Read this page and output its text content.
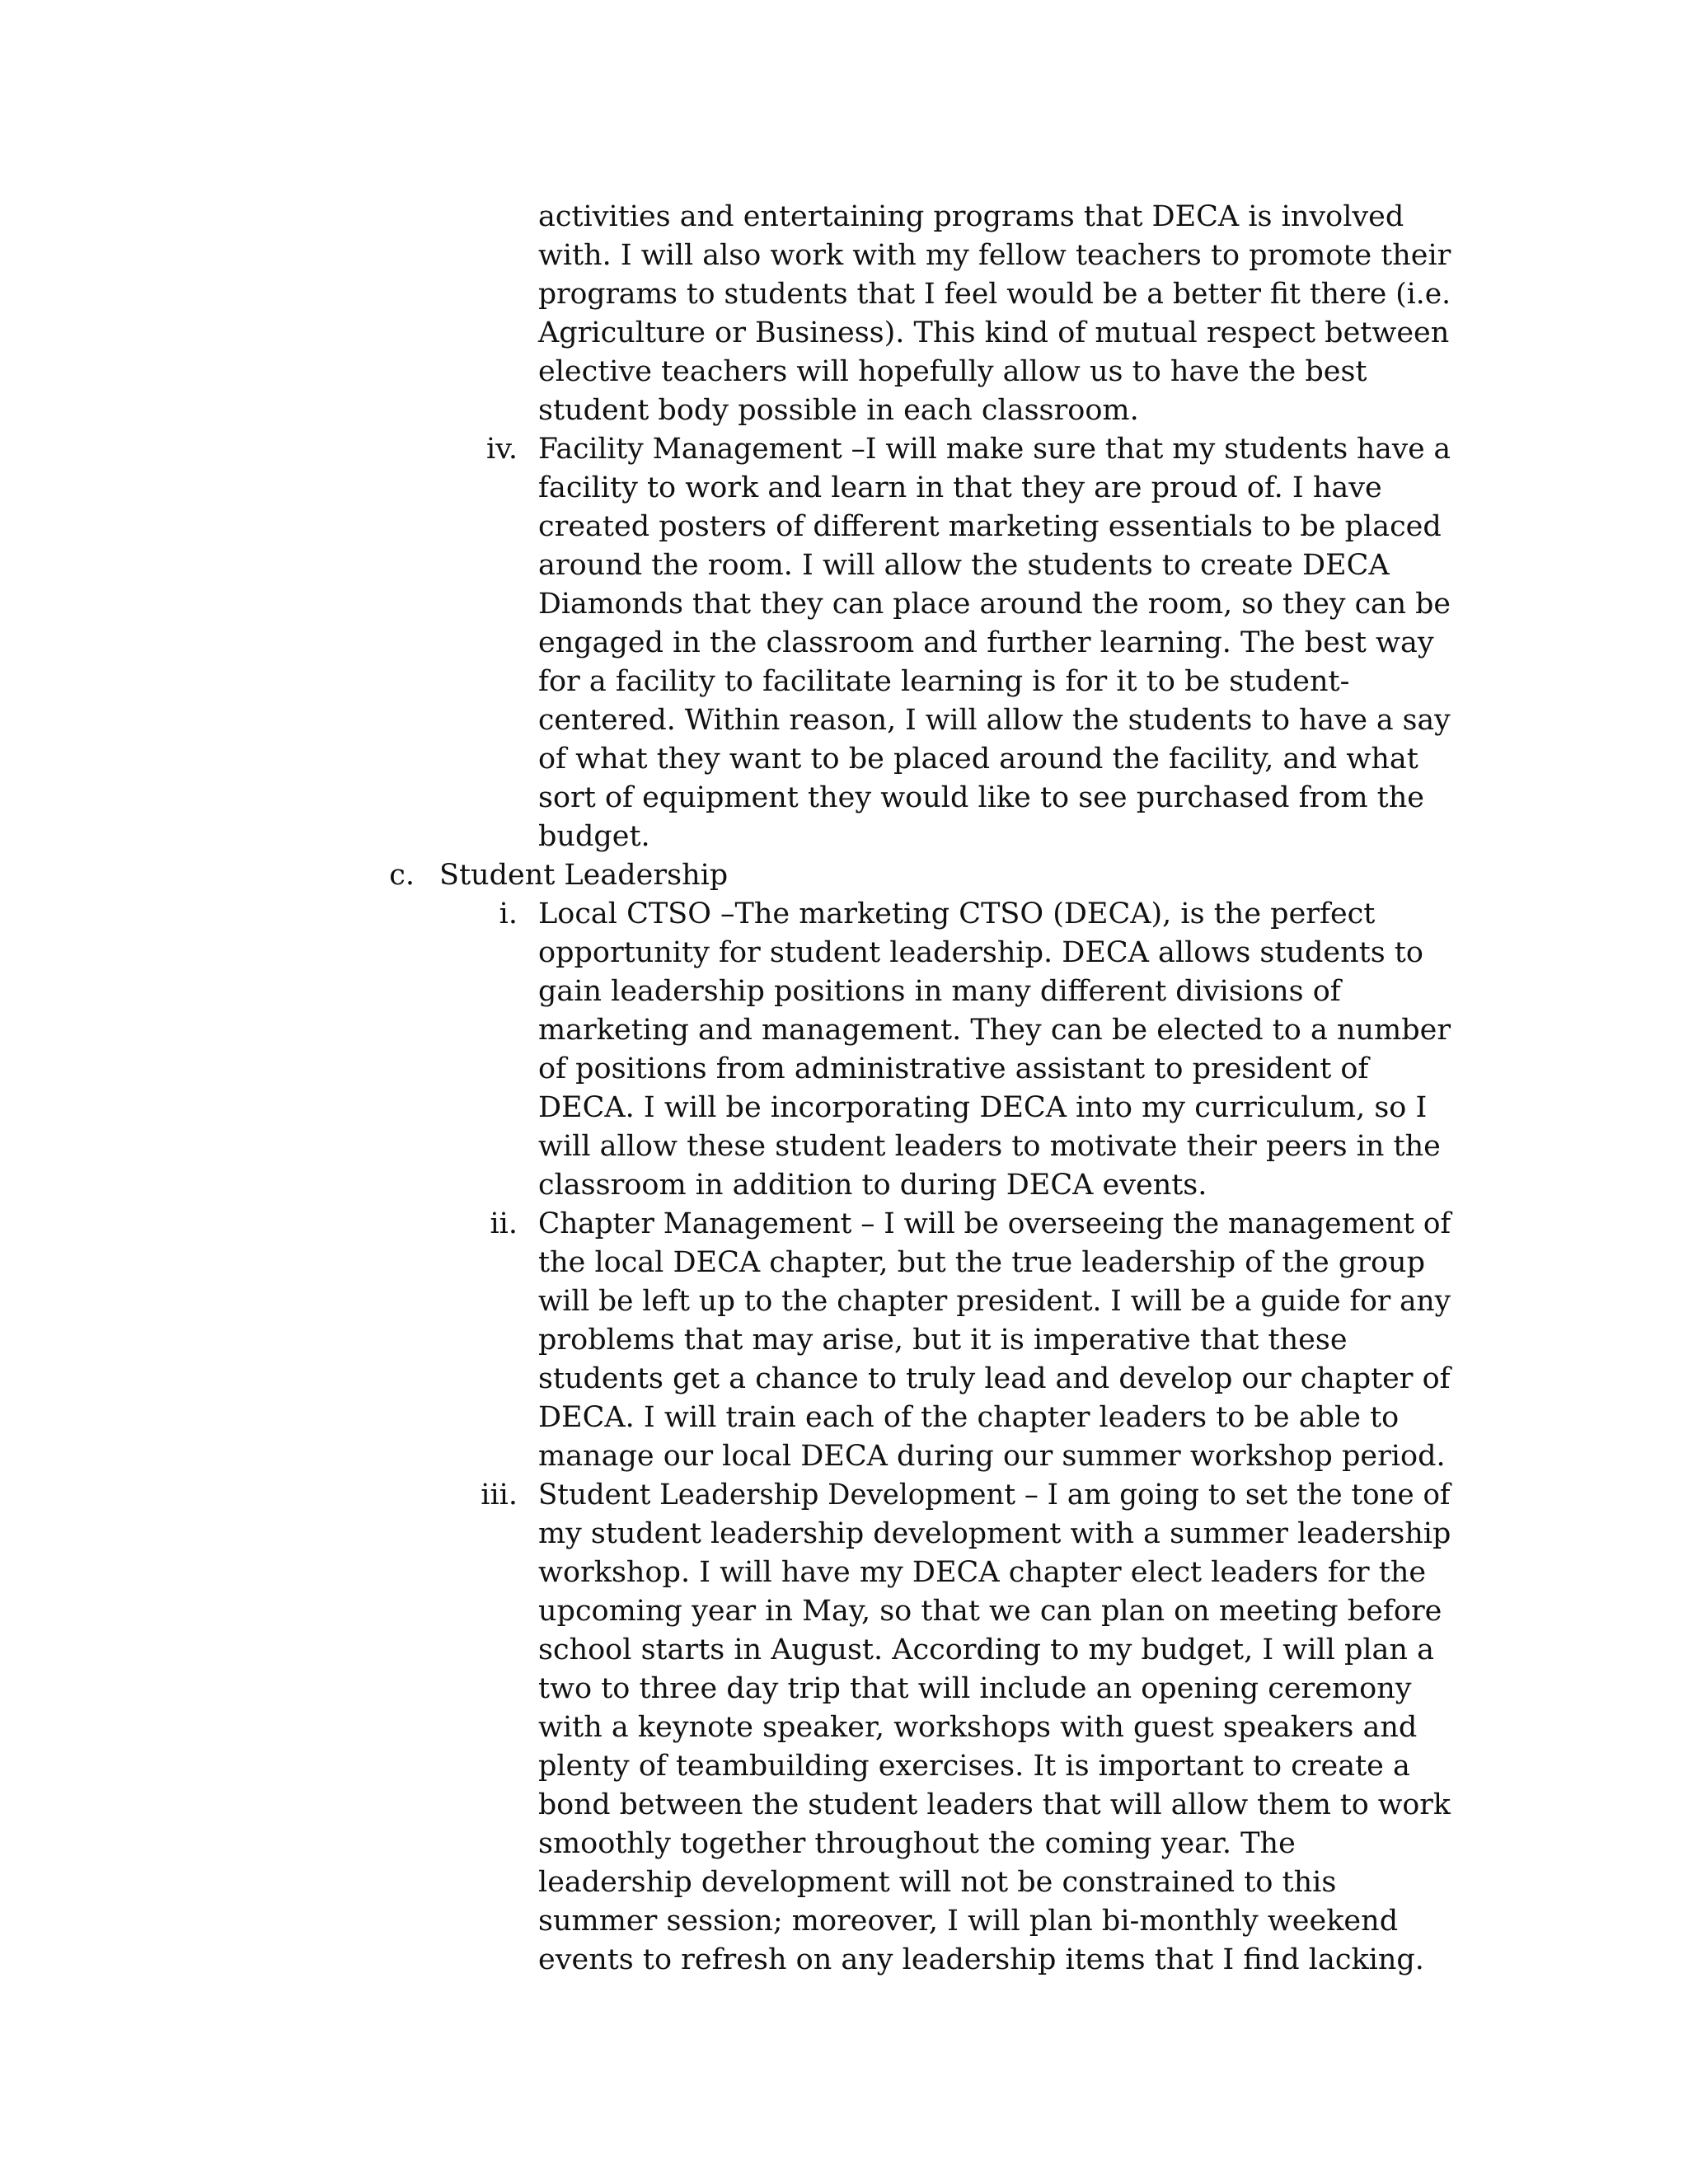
activities and entertaining programs that DECA is involved
with. I will also work with my fellow teachers to promote their
programs to students that I feel would be a better fit there (i.e.
Agriculture or Business). This kind of mutual respect between
elective teachers will hopefully allow us to have the best
student body possible in each classroom.
iv. Facility Management –I will make sure that my students have a
facility to work and learn in that they are proud of. I have
created posters of different marketing essentials to be placed
around the room. I will allow the students to create DECA
Diamonds that they can place around the room, so they can be
engaged in the classroom and further learning. The best way
for a facility to facilitate learning is for it to be student-
centered. Within reason, I will allow the students to have a say
of what they want to be placed around the facility, and what
sort of equipment they would like to see purchased from the
budget.
c. Student Leadership
i. Local CTSO –The marketing CTSO (DECA), is the perfect
opportunity for student leadership. DECA allows students to
gain leadership positions in many different divisions of
marketing and management. They can be elected to a number
of positions from administrative assistant to president of
DECA. I will be incorporating DECA into my curriculum, so I
will allow these student leaders to motivate their peers in the
classroom in addition to during DECA events.
ii. Chapter Management – I will be overseeing the management of
the local DECA chapter, but the true leadership of the group
will be left up to the chapter president. I will be a guide for any
problems that may arise, but it is imperative that these
students get a chance to truly lead and develop our chapter of
DECA. I will train each of the chapter leaders to be able to
manage our local DECA during our summer workshop period.
iii. Student Leadership Development – I am going to set the tone of
my student leadership development with a summer leadership
workshop. I will have my DECA chapter elect leaders for the
upcoming year in May, so that we can plan on meeting before
school starts in August. According to my budget, I will plan a
two to three day trip that will include an opening ceremony
with a keynote speaker, workshops with guest speakers and
plenty of teambuilding exercises. It is important to create a
bond between the student leaders that will allow them to work
smoothly together throughout the coming year. The
leadership development will not be constrained to this
summer session; moreover, I will plan bi-monthly weekend
events to refresh on any leadership items that I find lacking.
